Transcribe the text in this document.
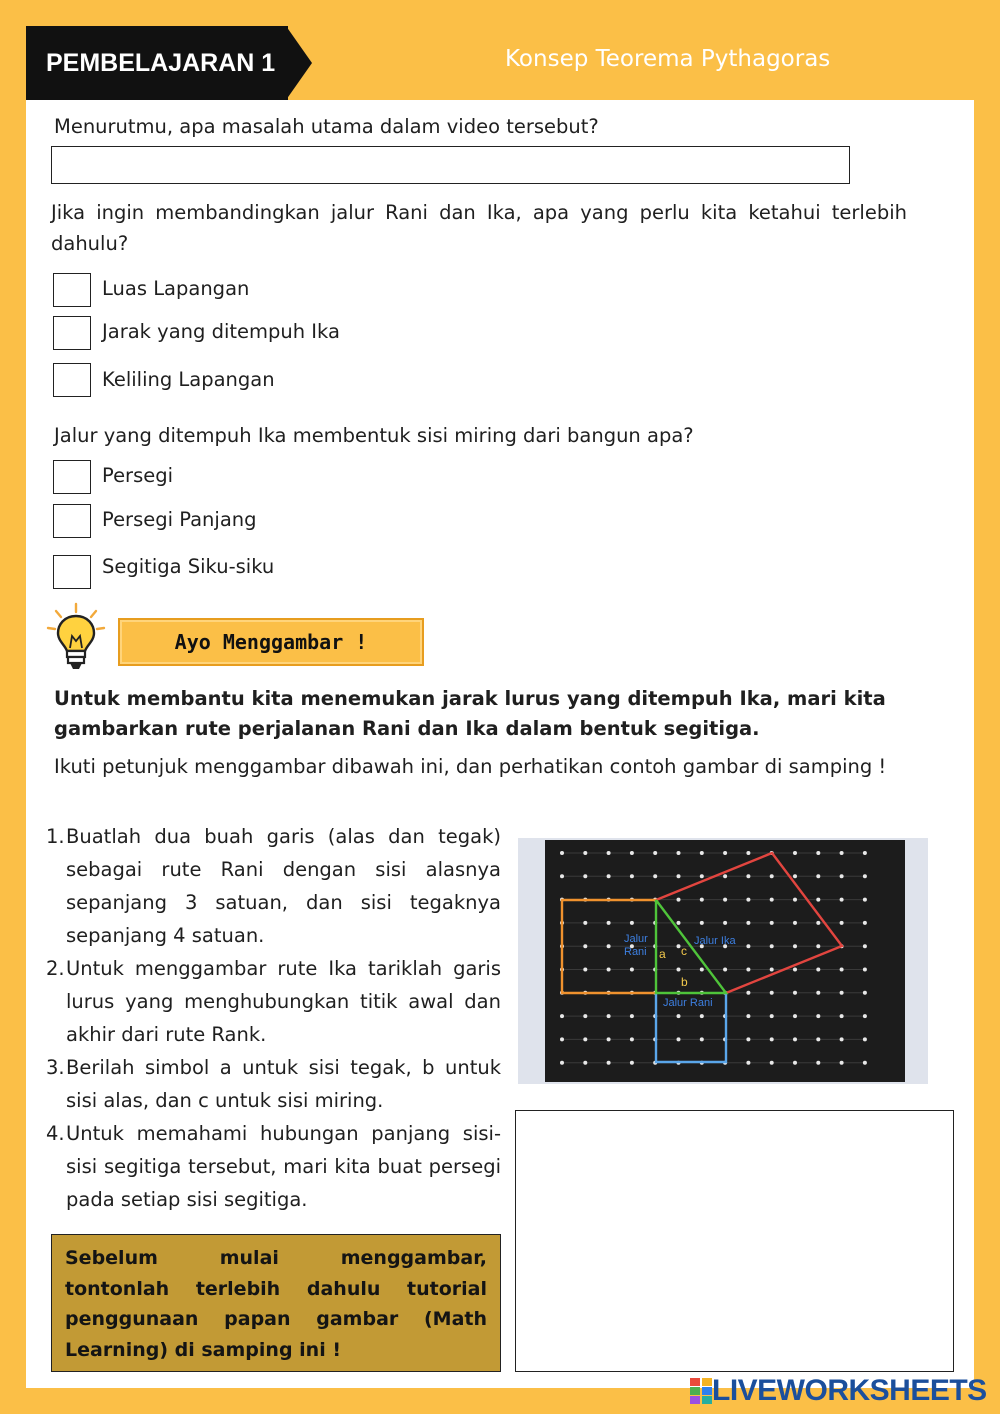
PEMBELAJARAN 1	Konsep Teorema Pythagoras
Menurutmu, apa masalah utama dalam video tersebut?
Jika ingin membandingkan jalur Rani dan Ika, apa yang perlu kita ketahui terlebih dahulu?
Luas Lapangan
Jarak yang ditempuh Ika
Keliling Lapangan
Jalur yang ditempuh Ika membentuk sisi miring dari bangun apa?
Persegi
Persegi Panjang
Segitiga Siku-siku
Ayo Menggambar !
Untuk membantu kita menemukan jarak lurus yang ditempuh Ika, mari kita gambarkan rute perjalanan Rani dan Ika dalam bentuk segitiga.
Ikuti petunjuk menggambar dibawah ini, dan perhatikan contoh gambar di samping !
1. Buatlah dua buah garis (alas dan tegak) sebagai rute Rani dengan sisi alasnya sepanjang 3 satuan, dan sisi tegaknya sepanjang 4 satuan.
2. Untuk menggambar rute Ika tariklah garis lurus yang menghubungkan titik awal dan akhir dari rute Rank.
3. Berilah simbol a untuk sisi tegak, b untuk sisi alas, dan c untuk sisi miring.
4. Untuk memahami hubungan panjang sisi-sisi segitiga tersebut, mari kita buat persegi pada setiap sisi segitiga.
Jalur
Rani
Jalur Ika
Jalur Rani
a
b
c
Sebelum mulai menggambar, tontonlah terlebih dahulu tutorial penggunaan papan gambar (Math Learning) di samping ini !
LIVEWORKSHEETS
